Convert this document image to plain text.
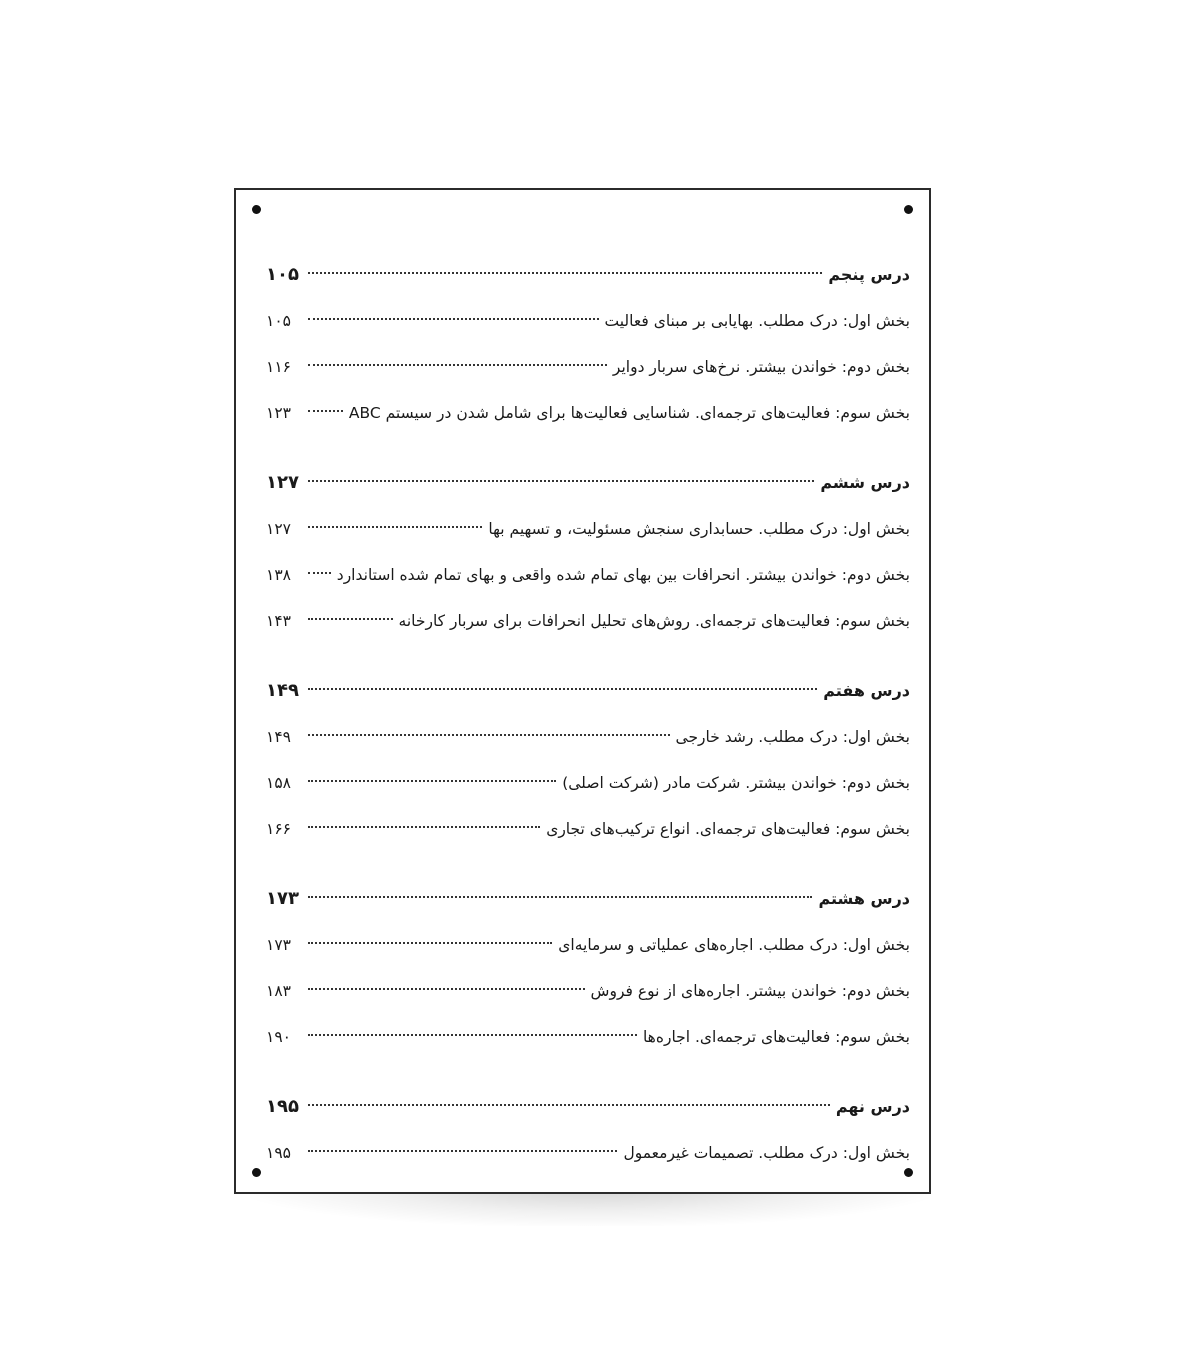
درس پنجم
۱۰۵
بخش اول: درک مطلب. بهایابی بر مبنای فعالیت
۱۰۵
بخش دوم: خواندن بیشتر. نرخ‌های سربار دوایر
۱۱۶
بخش سوم: فعالیت‌های ترجمه‌ای. شناسایی فعالیت‌ها برای شامل شدن در سیستم ABC
۱۲۳
درس ششم
۱۲۷
بخش اول: درک مطلب. حسابداری سنجش مسئولیت، و تسهیم بها
۱۲۷
بخش دوم: خواندن بیشتر. انحرافات بین بهای تمام شده واقعی و بهای تمام شده استاندارد
۱۳۸
بخش سوم: فعالیت‌های ترجمه‌ای. روش‌های تحلیل انحرافات برای سربار کارخانه
۱۴۳
درس هفتم
۱۴۹
بخش اول: درک مطلب. رشد خارجی
۱۴۹
بخش دوم: خواندن بیشتر. شرکت مادر (شرکت اصلی)
۱۵۸
بخش سوم: فعالیت‌های ترجمه‌ای. انواع ترکیب‌های تجاری
۱۶۶
درس هشتم
۱۷۳
بخش اول: درک مطلب. اجاره‌های عملیاتی و سرمایه‌ای
۱۷۳
بخش دوم: خواندن بیشتر. اجاره‌های از نوع فروش
۱۸۳
بخش سوم: فعالیت‌های ترجمه‌ای. اجاره‌ها
۱۹۰
درس نهم
۱۹۵
بخش اول: درک مطلب. تصمیمات غیرمعمول
۱۹۵
